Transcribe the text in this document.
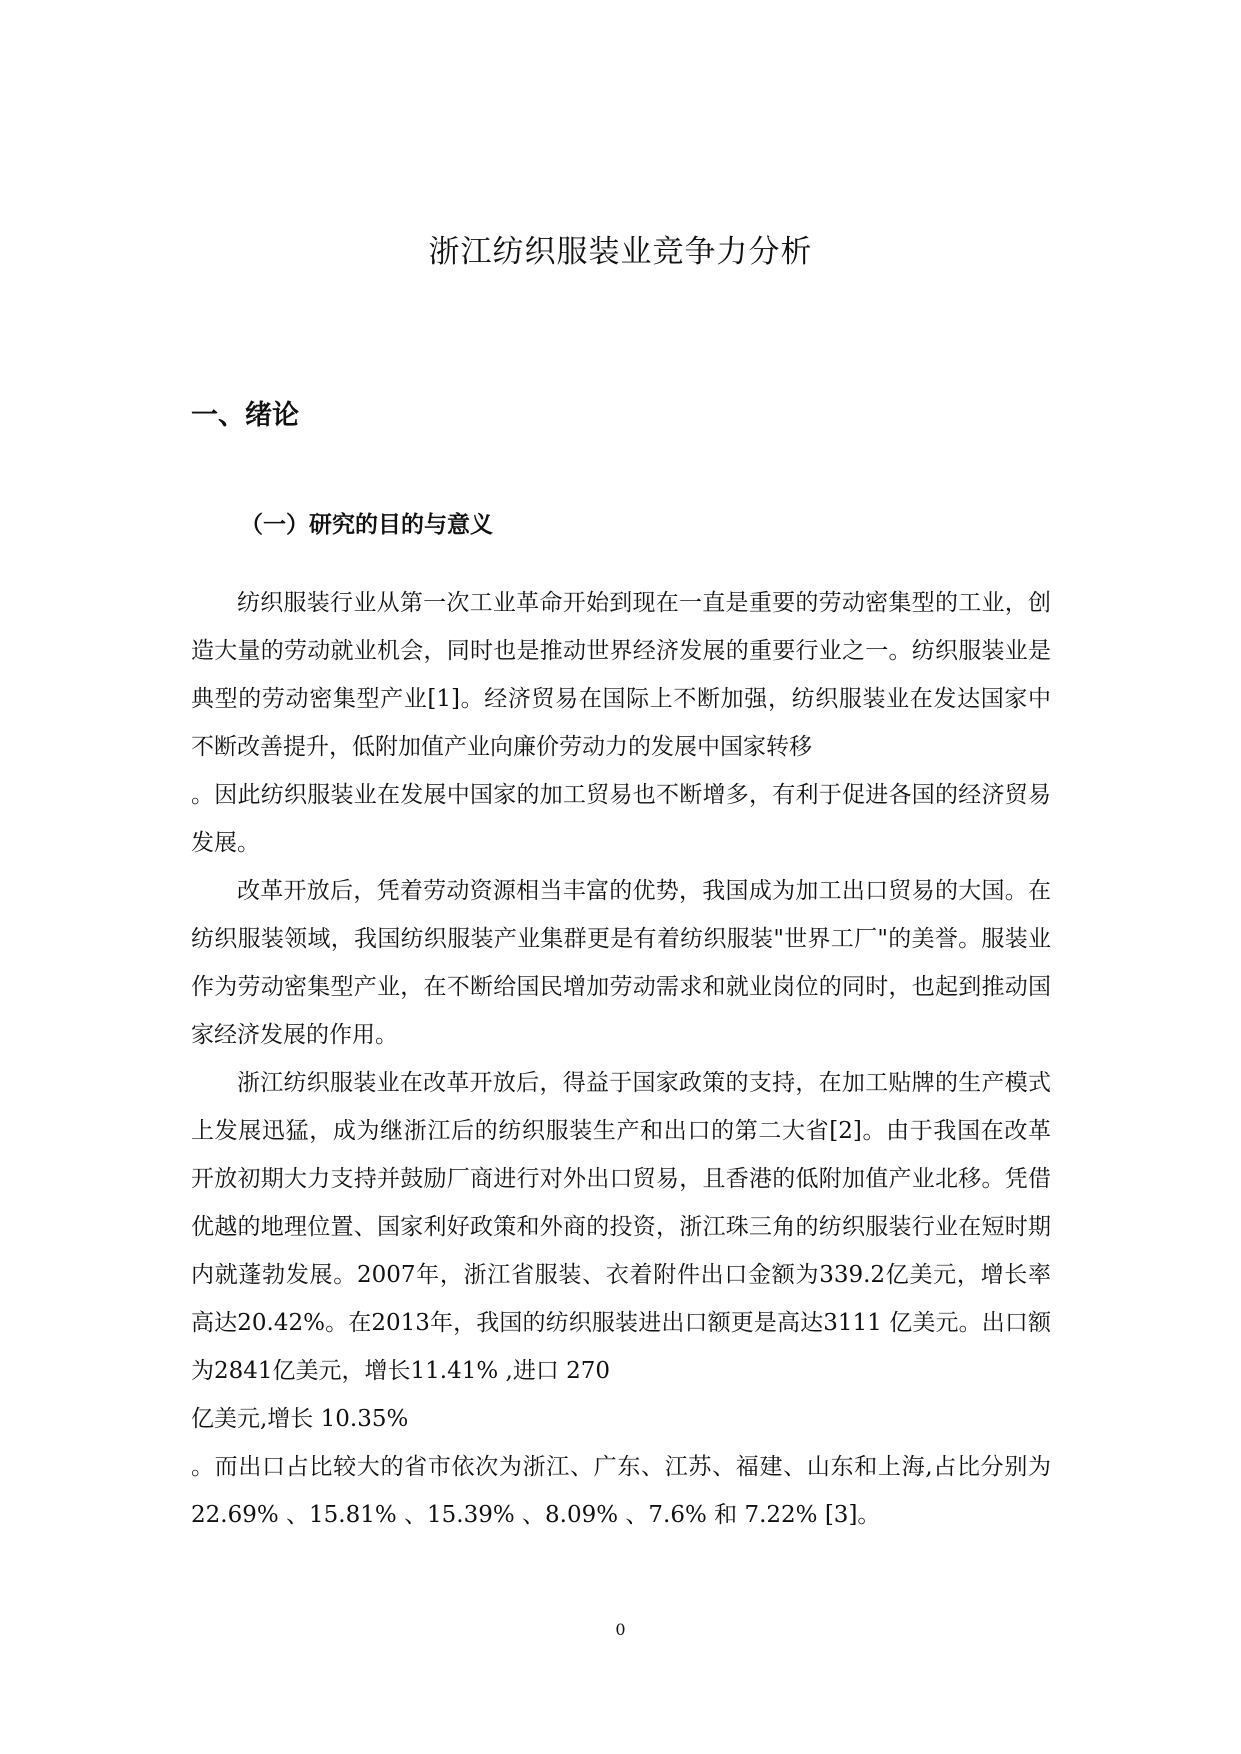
浙江纺织服装业竞争力分析
一、绪论
（一）研究的目的与意义

纺织服装行业从第一次工业革命开始到现在一直是重要的劳动密集型的工业，创造大量的劳动就业机会，同时也是推动世界经济发展的重要行业之一。纺织服装业是典型的劳动密集型产业[1]。经济贸易在国际上不断加强，纺织服装业在发达国家中不断改善提升，低附加值产业向廉价劳动力的发展中国家转移

。因此纺织服装业在发展中国家的加工贸易也不断增多，有利于促进各国的经济贸易发展。

改革开放后，凭着劳动资源相当丰富的优势，我国成为加工出口贸易的大国。在纺织服装领域，我国纺织服装产业集群更是有着纺织服装"世界工厂"的美誉。服装业作为劳动密集型产业，在不断给国民增加劳动需求和就业岗位的同时，也起到推动国家经济发展的作用。

浙江纺织服装业在改革开放后，得益于国家政策的支持，在加工贴牌的生产模式上发展迅猛，成为继浙江后的纺织服装生产和出口的第二大省[2]。由于我国在改革开放初期大力支持并鼓励厂商进行对外出口贸易，且香港的低附加值产业北移。凭借优越的地理位置、国家利好政策和外商的投资，浙江珠三角的纺织服装行业在短时期内就蓬勃发展。2007年，浙江省服装、衣着附件出口金额为339.2亿美元，增长率高达20.42%。在2013年，我国的纺织服装进出口额更是高达3111 亿美元。出口额为2841亿美元，增长11.41% ,进口 270

亿美元,增长 10.35%

。而出口占比较大的省市依次为浙江、广东、江苏、福建、山东和上海,占比分别为 22.69% 、15.81% 、15.39% 、8.09% 、7.6% 和 7.22% [3]。

0
